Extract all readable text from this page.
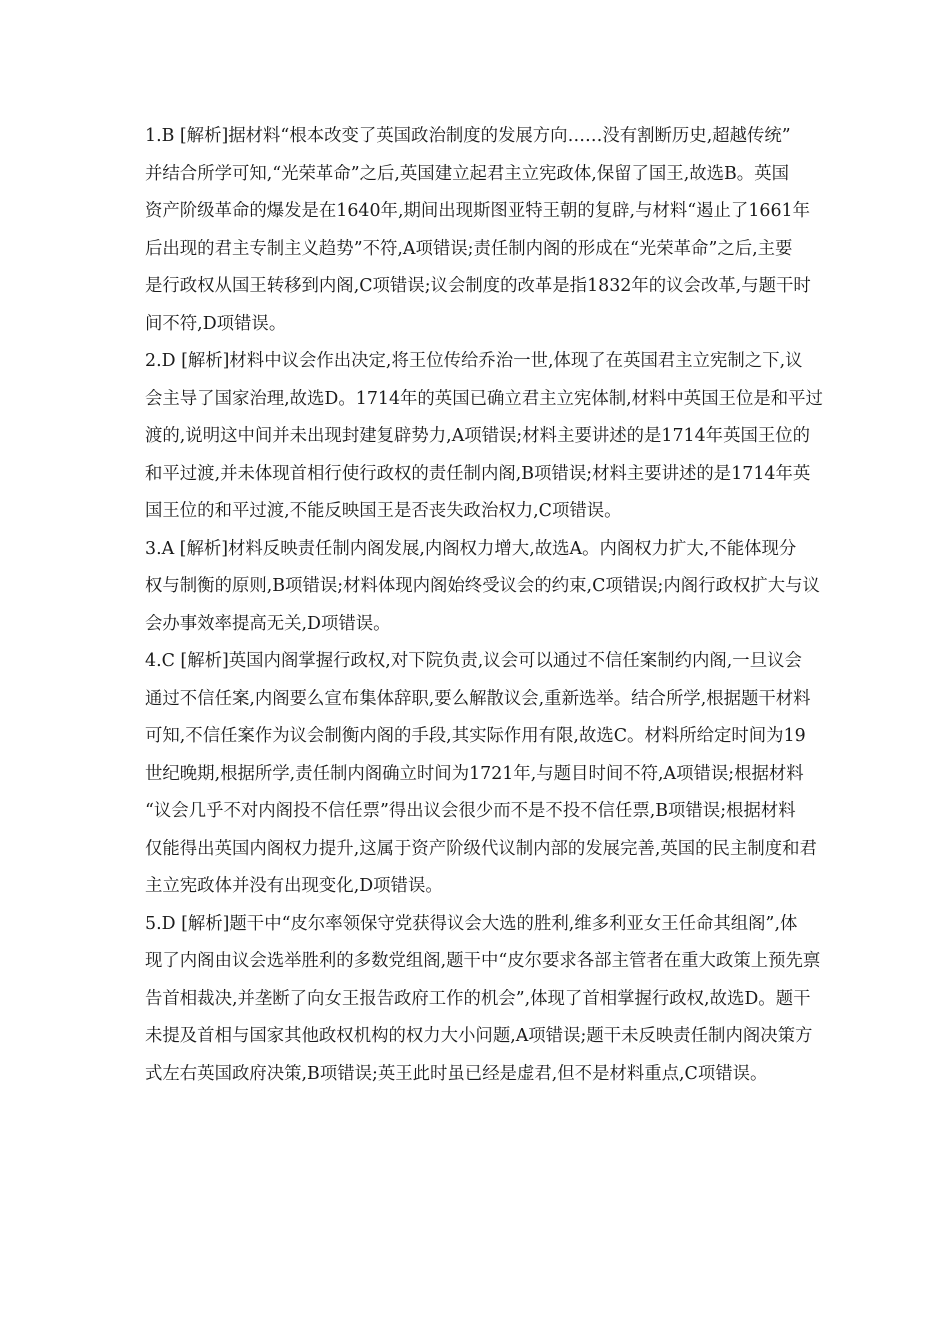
1.B [解析]据材料“根本改变了英国政治制度的发展方向……没有割断历史,超越传统”

并结合所学可知,“光荣革命”之后,英国建立起君主立宪政体,保留了国王,故选B。英国

资产阶级革命的爆发是在1640年,期间出现斯图亚特王朝的复辟,与材料“遏止了1661年

后出现的君主专制主义趋势”不符,A项错误;责任制内阁的形成在“光荣革命”之后,主要

是行政权从国王转移到内阁,C项错误;议会制度的改革是指1832年的议会改革,与题干时

间不符,D项错误。

2.D [解析]材料中议会作出决定,将王位传给乔治一世,体现了在英国君主立宪制之下,议

会主导了国家治理,故选D。1714年的英国已确立君主立宪体制,材料中英国王位是和平过

渡的,说明这中间并未出现封建复辟势力,A项错误;材料主要讲述的是1714年英国王位的

和平过渡,并未体现首相行使行政权的责任制内阁,B项错误;材料主要讲述的是1714年英

国王位的和平过渡,不能反映国王是否丧失政治权力,C项错误。

3.A [解析]材料反映责任制内阁发展,内阁权力增大,故选A。内阁权力扩大,不能体现分

权与制衡的原则,B项错误;材料体现内阁始终受议会的约束,C项错误;内阁行政权扩大与议

会办事效率提高无关,D项错误。

4.C [解析]英国内阁掌握行政权,对下院负责,议会可以通过不信任案制约内阁,一旦议会

通过不信任案,内阁要么宣布集体辞职,要么解散议会,重新选举。结合所学,根据题干材料

可知,不信任案作为议会制衡内阁的手段,其实际作用有限,故选C。材料所给定时间为19

世纪晚期,根据所学,责任制内阁确立时间为1721年,与题目时间不符,A项错误;根据材料

“议会几乎不对内阁投不信任票”得出议会很少而不是不投不信任票,B项错误;根据材料

仅能得出英国内阁权力提升,这属于资产阶级代议制内部的发展完善,英国的民主制度和君

主立宪政体并没有出现变化,D项错误。

5.D [解析]题干中“皮尔率领保守党获得议会大选的胜利,维多利亚女王任命其组阁”,体

现了内阁由议会选举胜利的多数党组阁,题干中“皮尔要求各部主管者在重大政策上预先禀

告首相裁决,并垄断了向女王报告政府工作的机会”,体现了首相掌握行政权,故选D。题干

未提及首相与国家其他政权机构的权力大小问题,A项错误;题干未反映责任制内阁决策方

式左右英国政府决策,B项错误;英王此时虽已经是虚君,但不是材料重点,C项错误。
